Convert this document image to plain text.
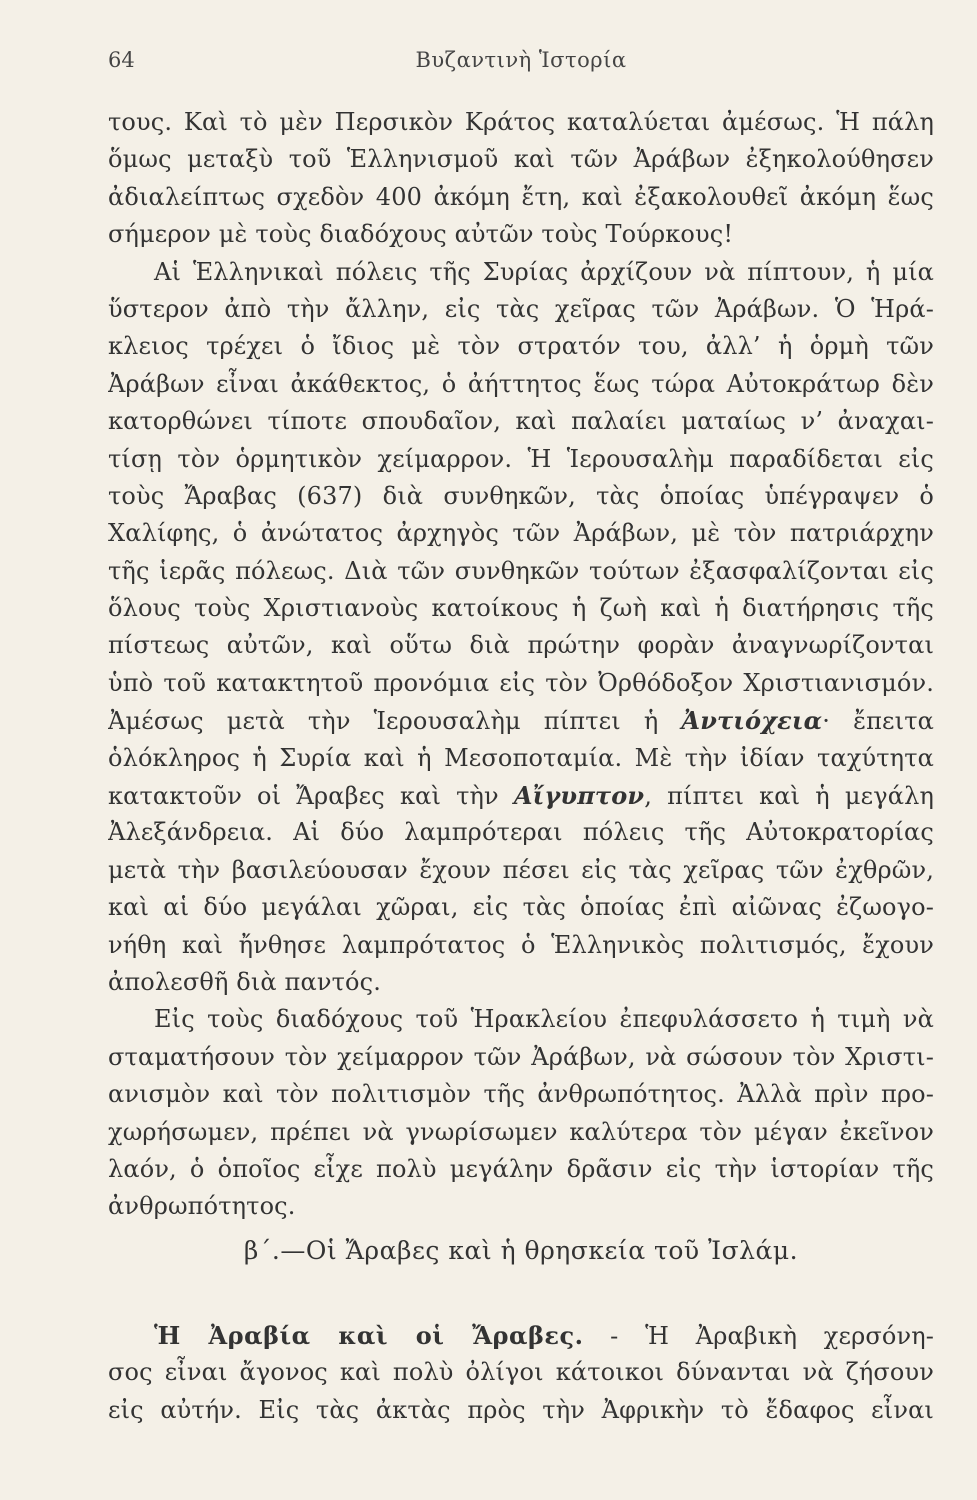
64	Βυζαντινὴ Ἱστορία
τους. Καὶ τὸ μὲν Περσικὸν Κράτος καταλύεται ἀμέσως. Ἡ πάλη
ὅμως μεταξὺ τοῦ Ἑλληνισμοῦ καὶ τῶν Ἀράβων ἐξηκολούθησεν
ἀδιαλείπτως σχεδὸν 400 ἀκόμη ἔτη, καὶ ἐξακολουθεῖ ἀκόμη ἕως
σήμερον μὲ τοὺς διαδόχους αὐτῶν τοὺς Τούρκους!
Αἱ Ἑλληνικαὶ πόλεις τῆς Συρίας ἀρχίζουν νὰ πίπτουν, ἡ μία
ὕστερον ἀπὸ τὴν ἄλλην, εἰς τὰς χεῖρας τῶν Ἀράβων. Ὁ Ἡρά-
κλειος τρέχει ὁ ἴδιος μὲ τὸν στρατόν του, ἀλλ’ ἡ ὁρμὴ τῶν
Ἀράβων εἶναι ἀκάθεκτος, ὁ ἀήττητος ἕως τώρα Αὐτοκράτωρ δὲν
κατορθώνει τίποτε σπουδαῖον, καὶ παλαίει ματαίως ν’ ἀναχαι-
τίσῃ τὸν ὁρμητικὸν χείμαρρον. Ἡ Ἱερουσαλὴμ παραδίδεται εἰς
τοὺς Ἄραβας (637) διὰ συνθηκῶν, τὰς ὁποίας ὑπέγραψεν ὁ
Χαλίφης, ὁ ἀνώτατος ἀρχηγὸς τῶν Ἀράβων, μὲ τὸν πατριάρχην
τῆς ἱερᾶς πόλεως. Διὰ τῶν συνθηκῶν τούτων ἐξασφαλίζονται εἰς
ὅλους τοὺς Χριστιανοὺς κατοίκους ἡ ζωὴ καὶ ἡ διατήρησις τῆς
πίστεως αὐτῶν, καὶ οὕτω διὰ πρώτην φορὰν ἀναγνωρίζονται
ὑπὸ τοῦ κατακτητοῦ προνόμια εἰς τὸν Ὀρθόδοξον Χριστιανισμόν.
Ἀμέσως μετὰ τὴν Ἱερουσαλὴμ πίπτει ἡ Ἀντιόχεια· ἔπειτα
ὁλόκληρος ἡ Συρία καὶ ἡ Μεσοποταμία. Μὲ τὴν ἰδίαν ταχύτητα
κατακτοῦν οἱ Ἄραβες καὶ τὴν Αἴγυπτον, πίπτει καὶ ἡ μεγάλη
Ἀλεξάνδρεια. Αἱ δύο λαμπρότεραι πόλεις τῆς Αὐτοκρατορίας
μετὰ τὴν βασιλεύουσαν ἔχουν πέσει εἰς τὰς χεῖρας τῶν ἐχθρῶν,
καὶ αἱ δύο μεγάλαι χῶραι, εἰς τὰς ὁποίας ἐπὶ αἰῶνας ἐζωογο-
νήθη καὶ ἤνθησε λαμπρότατος ὁ Ἑλληνικὸς πολιτισμός, ἔχουν
ἀπολεσθῆ διὰ παντός.
Εἰς τοὺς διαδόχους τοῦ Ἡρακλείου ἐπεφυλάσσετο ἡ τιμὴ νὰ
σταματήσουν τὸν χείμαρρον τῶν Ἀράβων, νὰ σώσουν τὸν Χριστι-
ανισμὸν καὶ τὸν πολιτισμὸν τῆς ἀνθρωπότητος. Ἀλλὰ πρὶν προ-
χωρήσωμεν, πρέπει νὰ γνωρίσωμεν καλύτερα τὸν μέγαν ἐκεῖνον
λαόν, ὁ ὁποῖος εἶχε πολὺ μεγάλην δρᾶσιν εἰς τὴν ἱστορίαν τῆς
ἀνθρωπότητος.
β΄.—Οἱ Ἄραβες καὶ ἡ θρησκεία τοῦ Ἰσλάμ.
Ἡ Ἀραβία καὶ οἱ Ἄραβες. - Ἡ Ἀραβικὴ χερσόνη-
σος εἶναι ἄγονος καὶ πολὺ ὀλίγοι κάτοικοι δύνανται νὰ ζήσουν
εἰς αὐτήν. Εἰς τὰς ἀκτὰς πρὸς τὴν Ἀφρικὴν τὸ ἔδαφος εἶναι
